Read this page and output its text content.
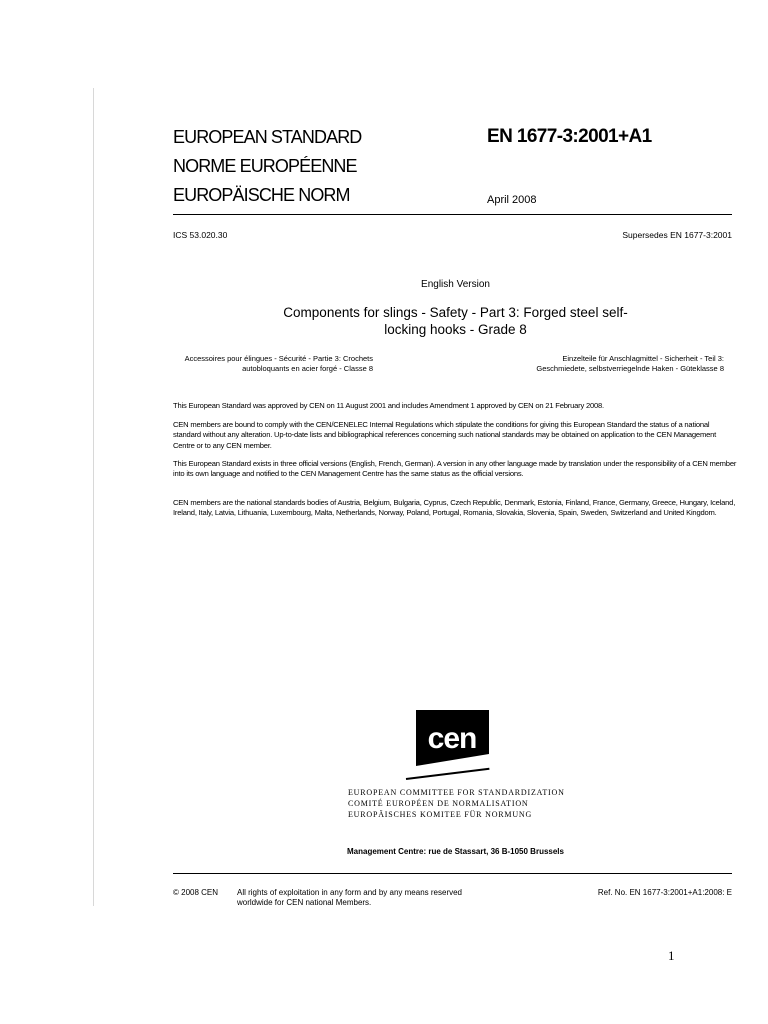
EUROPEAN STANDARD
NORME EUROPÉENNE
EUROPÄISCHE NORM
EN 1677-3:2001+A1
April 2008
ICS 53.020.30	Supersedes EN 1677-3:2001
English Version
Components for slings - Safety - Part 3: Forged steel self-
locking hooks - Grade 8
Accessoires pour élingues - Sécurité - Partie 3: Crochets
autobloquants en acier forgé - Classe 8
Einzelteile für Anschlagmittel - Sicherheit - Teil 3:
Geschmiedete, selbstverriegelnde Haken - Güteklasse 8
This European Standard was approved by CEN on 11 August 2001 and includes Amendment 1 approved by CEN on 21 February 2008.
CEN members are bound to comply with the CEN/CENELEC Internal Regulations which stipulate the conditions for giving this European Standard the status of a national standard without any alteration. Up-to-date lists and bibliographical references concerning such national standards may be obtained on application to the CEN Management Centre or to any CEN member.
This European Standard exists in three official versions (English, French, German). A version in any other language made by translation under the responsibility of a CEN member into its own language and notified to the CEN Management Centre has the same status as the official versions.
CEN members are the national standards bodies of Austria, Belgium, Bulgaria, Cyprus, Czech Republic, Denmark, Estonia, Finland, France, Germany, Greece, Hungary, Iceland, Ireland, Italy, Latvia, Lithuania, Luxembourg, Malta, Netherlands, Norway, Poland, Portugal, Romania, Slovakia, Slovenia, Spain, Sweden, Switzerland and United Kingdom.
cen
EUROPEAN COMMITTEE FOR STANDARDIZATION
COMITÉ EUROPÉEN DE NORMALISATION
EUROPÄISCHES KOMITEE FÜR NORMUNG
Management Centre: rue de Stassart, 36 B-1050 Brussels
© 2008 CEN All rights of exploitation in any form and by any means reserved worldwide for CEN national Members.
Ref. No. EN 1677-3:2001+A1:2008: E
1
